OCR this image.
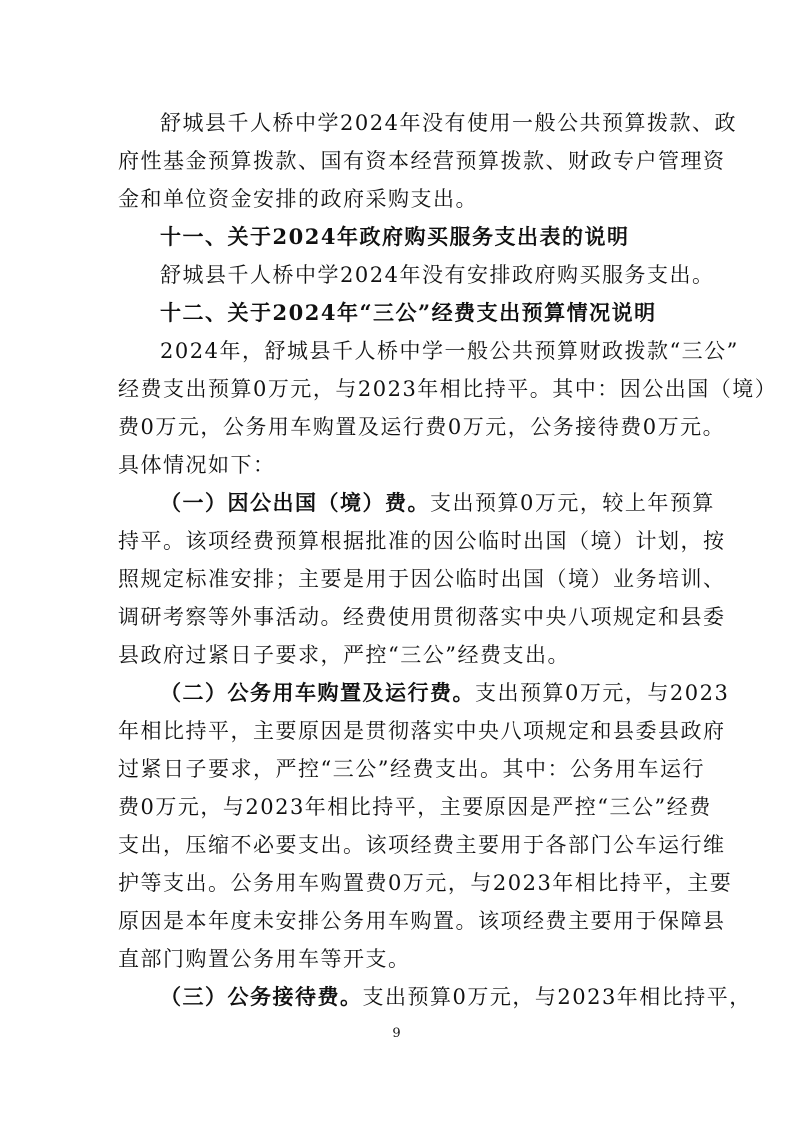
舒城县千人桥中学2024年没有使用一般公共预算拨款、政
府性基金预算拨款、国有资本经营预算拨款、财政专户管理资
金和单位资金安排的政府采购支出。
十一、关于2024年政府购买服务支出表的说明
舒城县千人桥中学2024年没有安排政府购买服务支出。
十二、关于2024年“三公”经费支出预算情况说明
2024年，舒城县千人桥中学一般公共预算财政拨款“三公”
经费支出预算0万元，与2023年相比持平。其中：因公出国（境）
费0万元，公务用车购置及运行费0万元，公务接待费0万元。
具体情况如下：
（一）因公出国（境）费。支出预算0万元，较上年预算
持平。该项经费预算根据批准的因公临时出国（境）计划，按
照规定标准安排；主要是用于因公临时出国（境）业务培训、
调研考察等外事活动。经费使用贯彻落实中央八项规定和县委
县政府过紧日子要求，严控“三公”经费支出。
（二）公务用车购置及运行费。支出预算0万元，与2023
年相比持平，主要原因是贯彻落实中央八项规定和县委县政府
过紧日子要求，严控“三公”经费支出。其中：公务用车运行
费0万元，与2023年相比持平，主要原因是严控“三公”经费
支出，压缩不必要支出。该项经费主要用于各部门公车运行维
护等支出。公务用车购置费0万元，与2023年相比持平，主要
原因是本年度未安排公务用车购置。该项经费主要用于保障县
直部门购置公务用车等开支。
（三）公务接待费。支出预算0万元，与2023年相比持平，
9
